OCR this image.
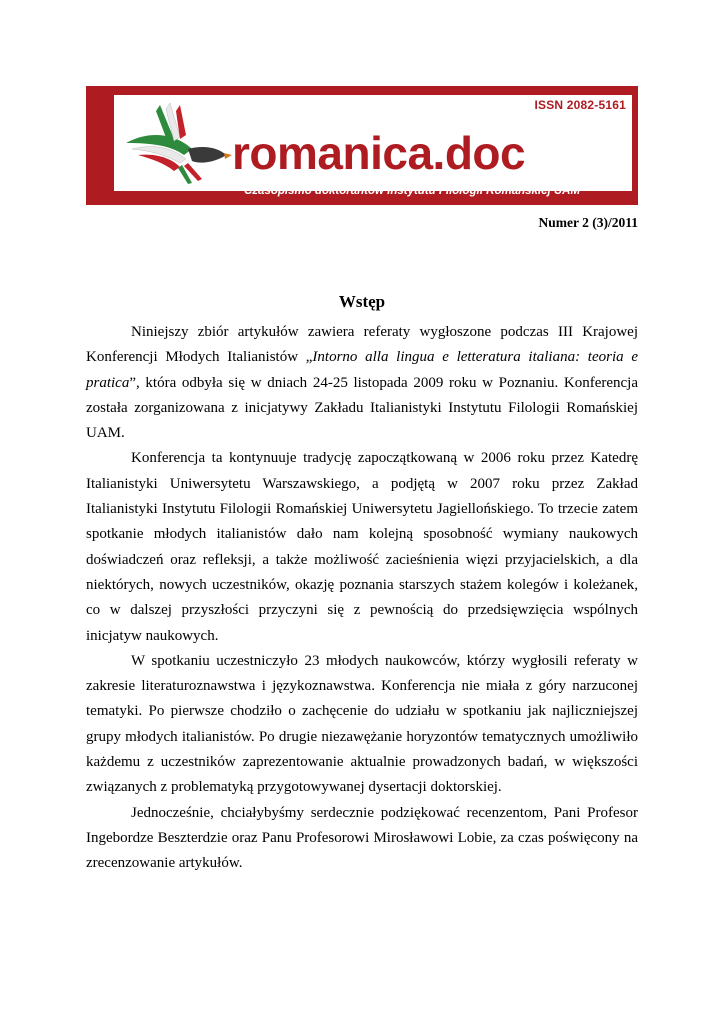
ISSN 2082-5161
romanica.doc
Czasopismo doktorantów Instytutu Filologii Romańskiej UAM
Numer 2 (3)/2011
Wstęp

Niniejszy zbiór artykułów zawiera referaty wygłoszone podczas III Krajowej Konferencji Młodych Italianistów „Intorno alla lingua e letteratura italiana: teoria e pratica”, która odbyła się w dniach 24-25 listopada 2009 roku w Poznaniu. Konferencja została zorganizowana z inicjatywy Zakładu Italianistyki Instytutu Filologii Romańskiej UAM.

Konferencja ta kontynuuje tradycję zapoczątkowaną w 2006 roku przez Katedrę Italianistyki Uniwersytetu Warszawskiego, a podjętą w 2007 roku przez Zakład Italianistyki Instytutu Filologii Romańskiej Uniwersytetu Jagiellońskiego. To trzecie zatem spotkanie młodych italianistów dało nam kolejną sposobność wymiany naukowych doświadczeń oraz refleksji, a także możliwość zacieśnienia więzi przyjacielskich, a dla niektórych, nowych uczestników, okazję poznania starszych stażem kolegów i koleżanek, co w dalszej przyszłości przyczyni się z pewnością do przedsięwzięcia wspólnych inicjatyw naukowych.

W spotkaniu uczestniczyło 23 młodych naukowców, którzy wygłosili referaty w zakresie literaturoznawstwa i językoznawstwa. Konferencja nie miała z góry narzuconej tematyki. Po pierwsze chodziło o zachęcenie do udziału w spotkaniu jak najliczniejszej grupy młodych italianistów. Po drugie niezawężanie horyzontów tematycznych umożliwiło każdemu z uczestników zaprezentowanie aktualnie prowadzonych badań, w większości związanych z problematyką przygotowywanej dysertacji doktorskiej.

Jednocześnie, chciałybyśmy serdecznie podziękować recenzentom, Pani Profesor Ingebordze Beszterdzie oraz Panu Profesorowi Mirosławowi Lobie, za czas poświęcony na zrecenzowanie artykułów.
